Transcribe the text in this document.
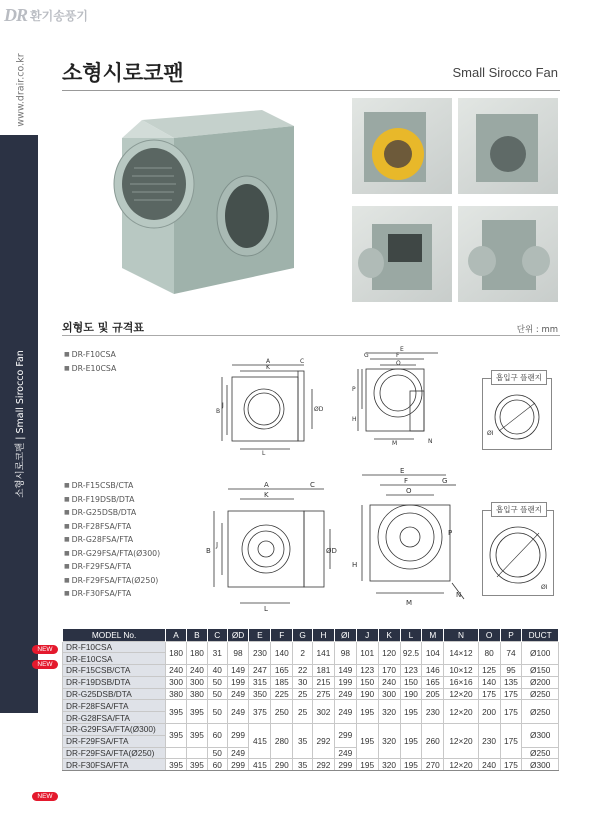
DR 환기송풍기
www.drair.co.kr
소형시로코팬 | Small Sirocco Fan
소형시로코팬	Small Sirocco Fan
외형도 및 규격표	단위 : mm
■ DR-F10CSA
■ DR-E10CSA
A
K
C
B
J
L
ØD
E
F
G
O
P
H
M	N
흡입구 플랜지
ØI
■ DR-F15CSB/CTA
■ DR-F19DSB/DTA
■ DR-G25DSB/DTA
■ DR-F28FSA/FTA
■ DR-G28FSA/FTA
■ DR-G29FSA/FTA(Ø300)
■ DR-F29FSA/FTA
■ DR-F29FSA/FTA(Ø250)
■ DR-F30FSA/FTA
A
K
C
B
J
L
ØD
E
F	G
O
P
H
M
N
흡입구 플랜지
ØI
NEW
NEW
NEW
MODEL No.	A	B	C	ØD	E	F	G	H	ØI	J	K	L	M	N	O	P	DUCT
DR-F10CSA	180	180	31	98	230	140	2	141	98	101	120	92.5	104	14×12	80	74	Ø100
DR-E10CSA																	
DR-F15CSB/CTA	240	240	40	149	247	165	22	181	149	123	170	123	146	10×12	125	95	Ø150
DR-F19DSB/DTA	300	300	50	199	315	185	30	215	199	150	240	150	165	16×16	140	135	Ø200
DR-G25DSB/DTA	380	380	50	249	350	225	25	275	249	190	300	190	205	12×20	175	175	Ø250
DR-F28FSA/FTA	395	395	50	249	375	250	25	302	249	195	320	195	230	12×20	200	175	Ø250
DR-G28FSA/FTA																	
DR-G29FSA/FTA(Ø300)	395	395	60	299	415	280	35	292	299	195	320	195	260	12×20	230	175	Ø300
DR-F29FSA/FTA																	
DR-F29FSA/FTA(Ø250)			50	249					249								Ø250
DR-F30FSA/FTA	395	395	60	299	415	290	35	292	299	195	320	195	270	12×20	240	175	Ø300
